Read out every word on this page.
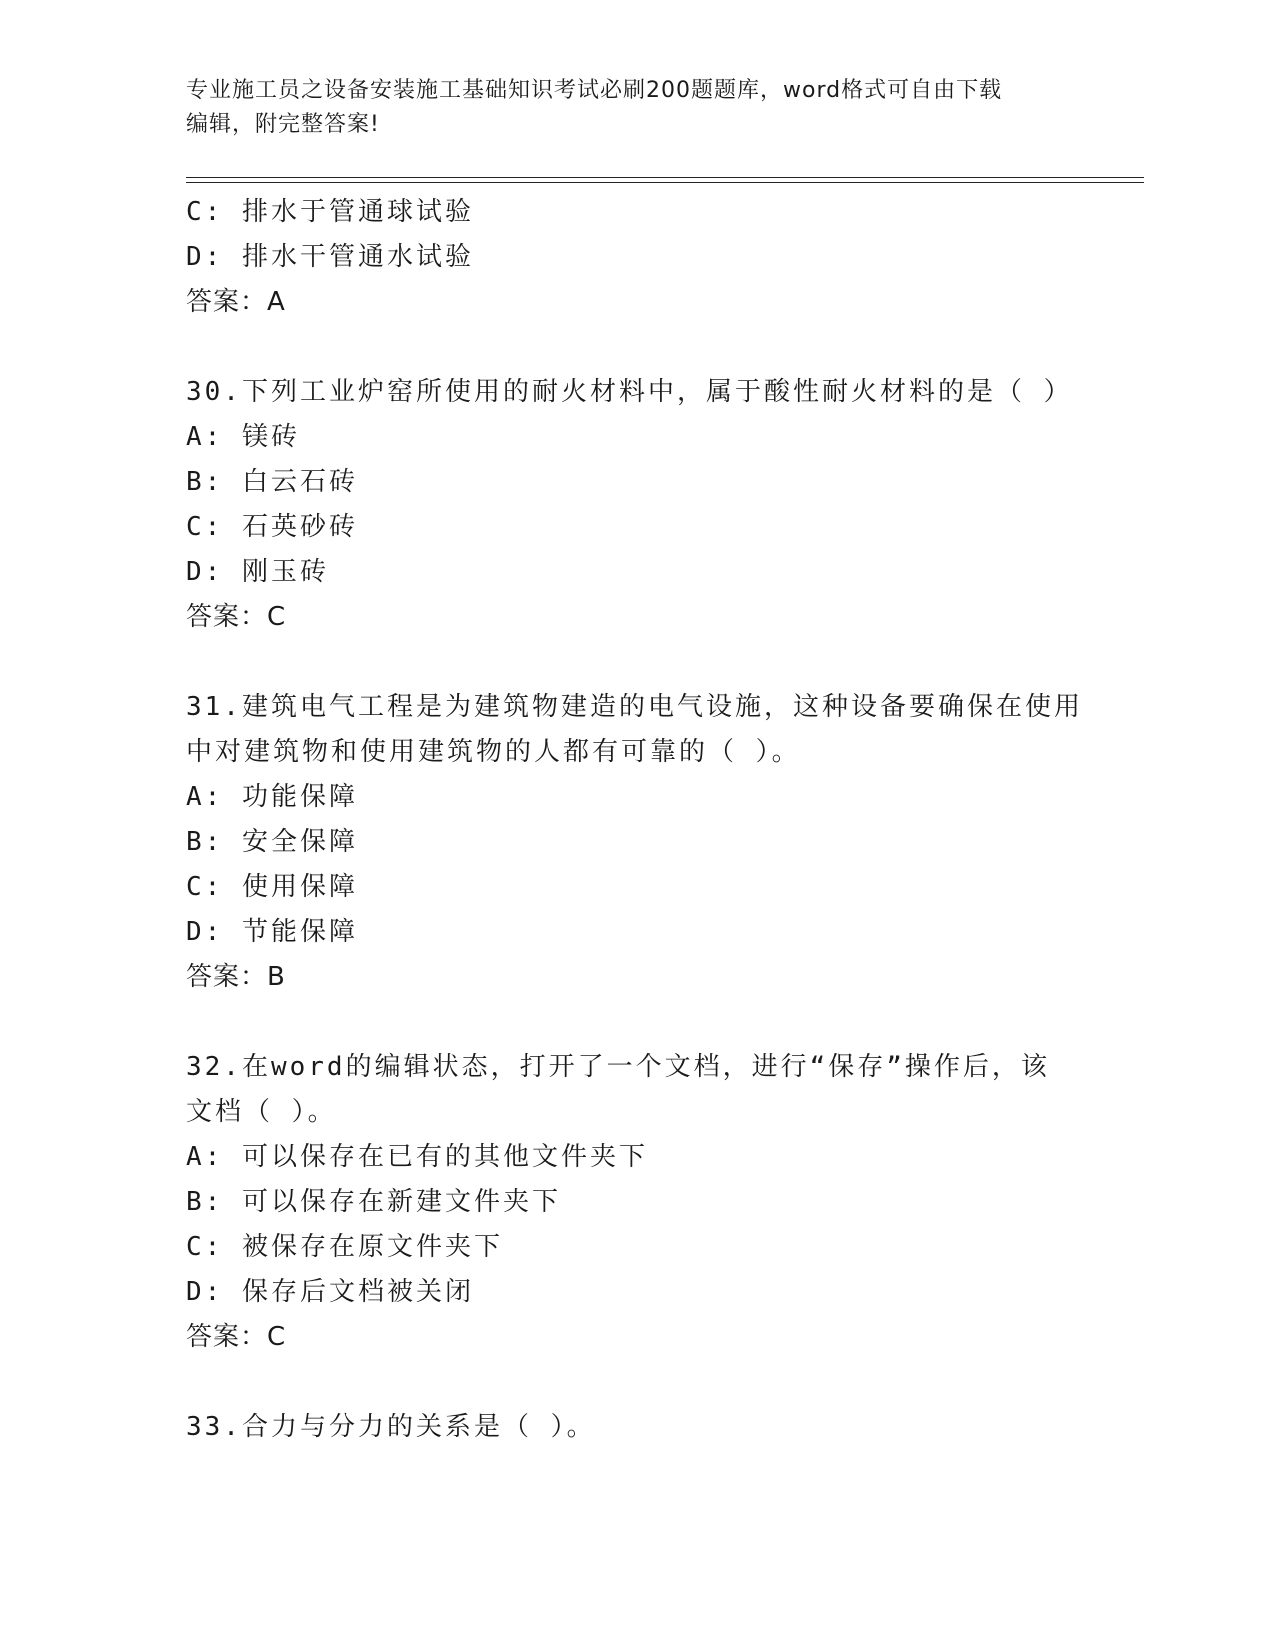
专业施工员之设备安装施工基础知识考试必刷200题题库，word格式可自由下载
编辑，附完整答案!
C: 排水于管通球试验
D: 排水干管通水试验
答案：A
30.下列工业炉窑所使用的耐火材料中，属于酸性耐火材料的是（ ）
A: 镁砖
B: 白云石砖
C: 石英砂砖
D: 刚玉砖
答案：C
31.建筑电气工程是为建筑物建造的电气设施，这种设备要确保在使用
中对建筑物和使用建筑物的人都有可靠的（ ）。
A: 功能保障
B: 安全保障
C: 使用保障
D: 节能保障
答案：B
32.在word的编辑状态，打开了一个文档，进行“保存”操作后，该
文档（ ）。
A: 可以保存在已有的其他文件夹下
B: 可以保存在新建文件夹下
C: 被保存在原文件夹下
D: 保存后文档被关闭
答案：C
33.合力与分力的关系是（ ）。
